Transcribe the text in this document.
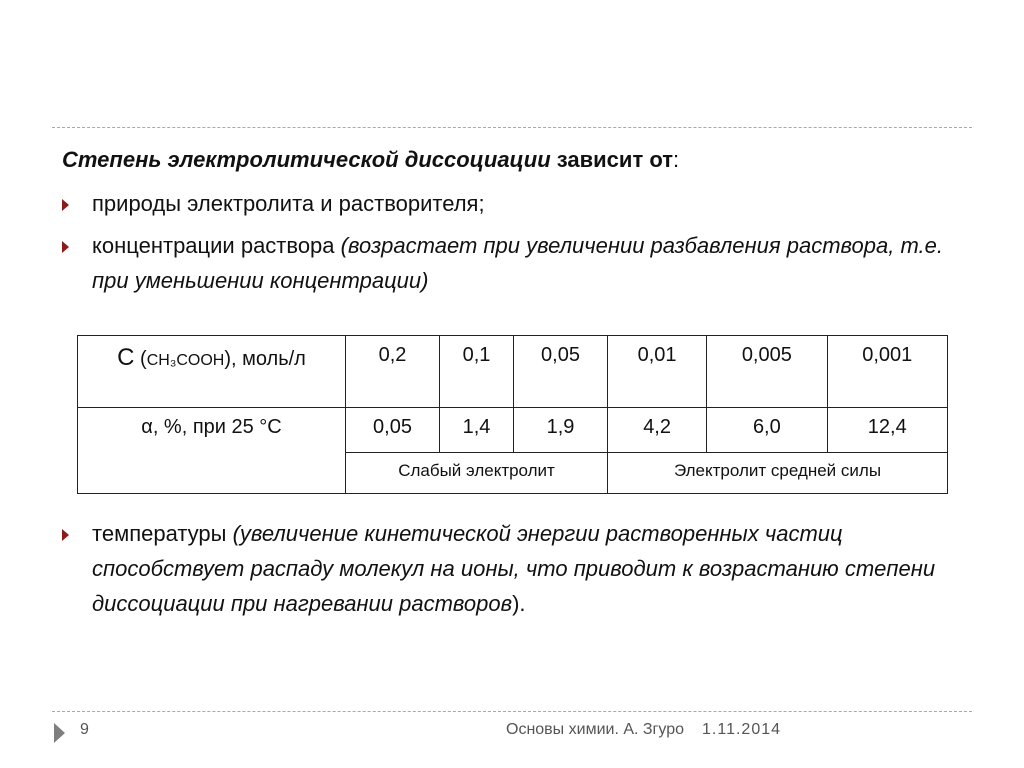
Степень электролитической диссоциации зависит от:
природы электролита и растворителя;
концентрации раствора (возрастает при увеличении разбавления раствора, т.е. при уменьшении концентрации)
С (CH₃COOH), моль/л	0,2	0,1	0,05	0,01	0,005	0,001
α, %, при 25 °С	0,05	1,4	1,9	4,2	6,0	12,4
	Слабый электролит			Электролит средней силы		
температуры (увеличение кинетической энергии растворенных частиц способствует распаду молекул на ионы, что приводит к возрастанию степени диссоциации при нагревании растворов).
9	Основы химии. А. Згуро 1.11.2014
